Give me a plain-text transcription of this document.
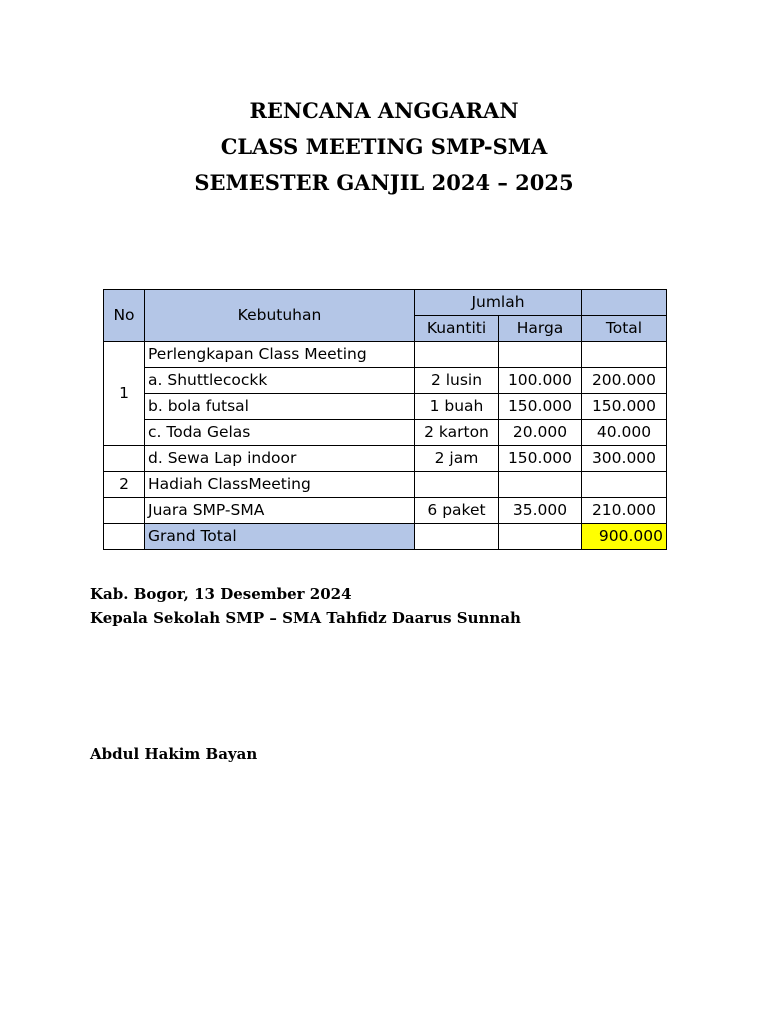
RENCANA ANGGARAN
CLASS MEETING SMP-SMA
SEMESTER GANJIL 2024 – 2025
No	Kebutuhan	Jumlah		
		Kuantiti	Harga	Total
1	Perlengkapan Class Meeting			
	a. Shuttlecockk	2 lusin	100.000	200.000
	b. bola futsal	1 buah	150.000	150.000
	c. Toda Gelas	2 karton	20.000	40.000
	d. Sewa Lap indoor	2 jam	150.000	300.000
2	Hadiah ClassMeeting			
	Juara SMP-SMA	6 paket	35.000	210.000
	Grand Total			900.000
Kab. Bogor, 13 Desember 2024
Kepala Sekolah SMP – SMA Tahfidz Daarus Sunnah
Abdul Hakim Bayan
